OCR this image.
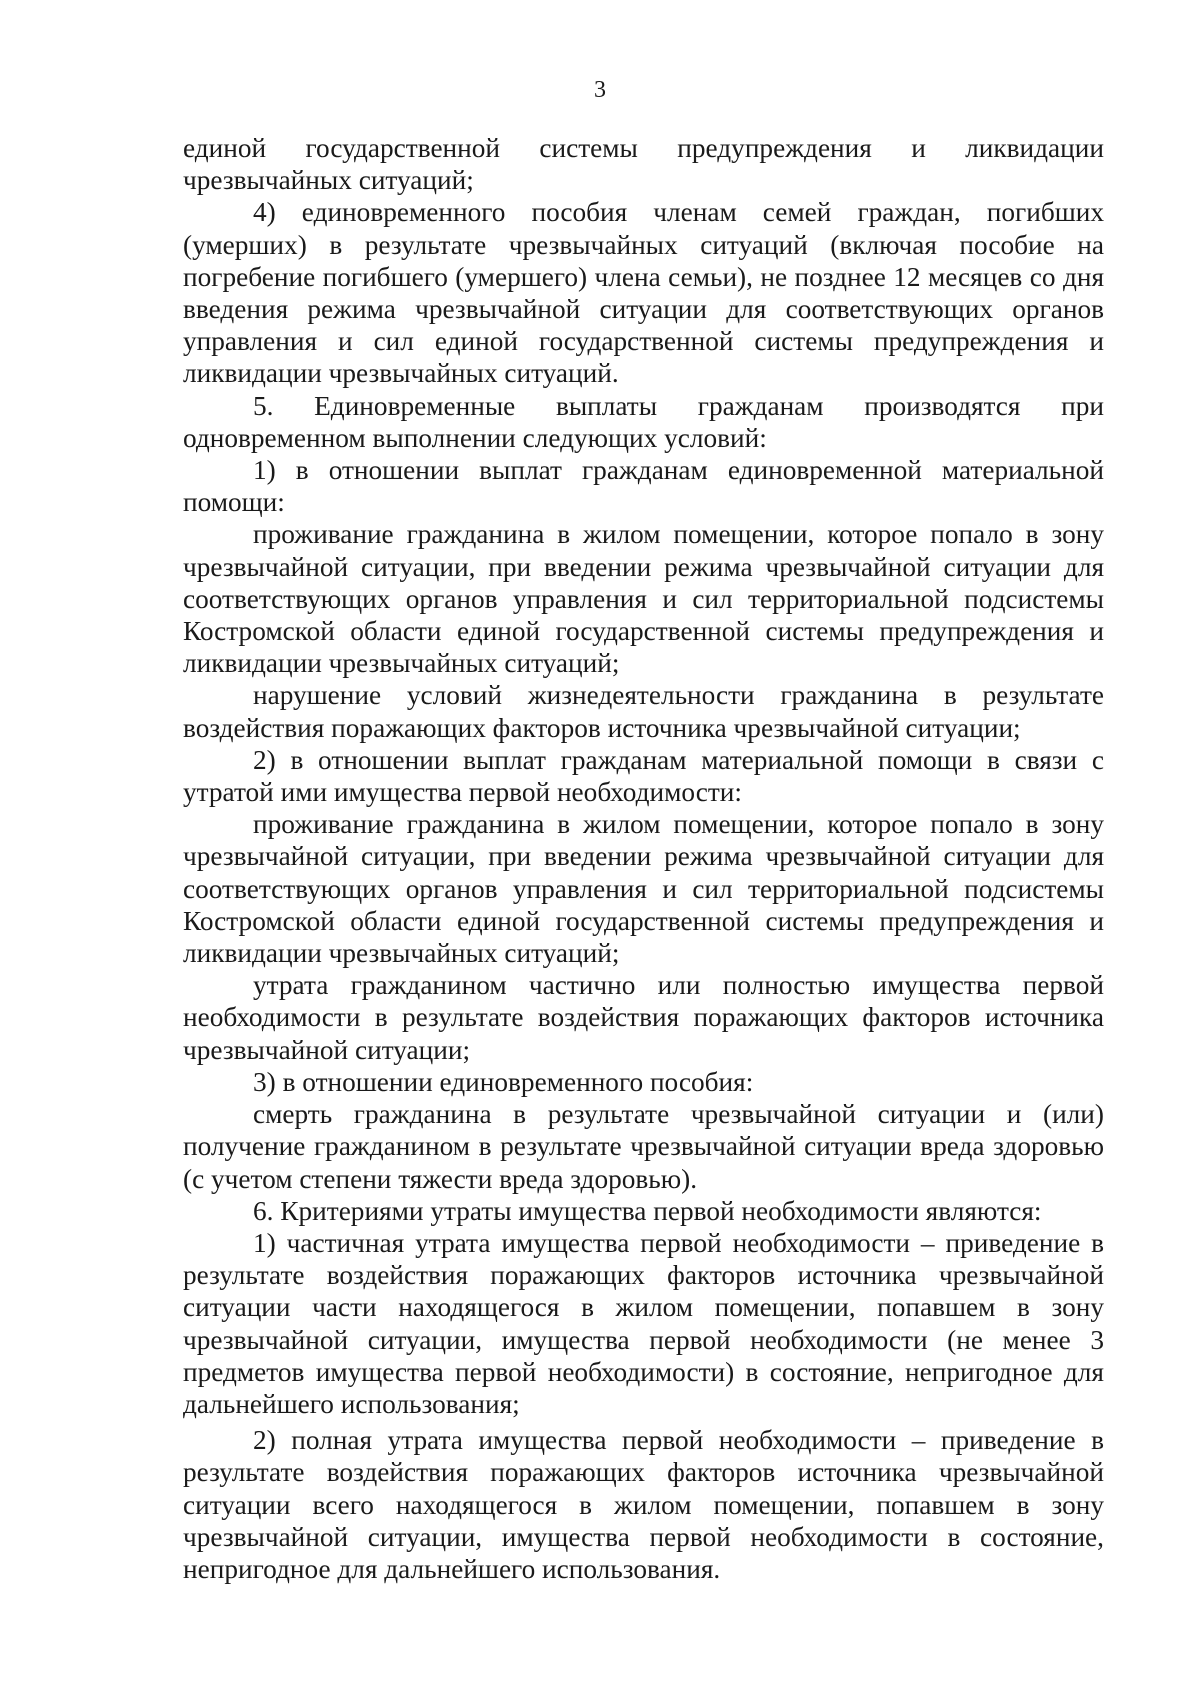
3

единой государственной системы предупреждения и ликвидации чрезвычайных ситуаций;

4) единовременного пособия членам семей граждан, погибших (умерших) в результате чрезвычайных ситуаций (включая пособие на погребение погибшего (умершего) члена семьи), не позднее 12 месяцев со дня введения режима чрезвычайной ситуации для соответствующих органов управления и сил единой государственной системы предупреждения и ликвидации чрезвычайных ситуаций.

5. Единовременные выплаты гражданам производятся при одновременном выполнении следующих условий:

1) в отношении выплат гражданам единовременной материальной помощи:

проживание гражданина в жилом помещении, которое попало в зону чрезвычайной ситуации, при введении режима чрезвычайной ситуации для соответствующих органов управления и сил территориальной подсистемы Костромской области единой государственной системы предупреждения и ликвидации чрезвычайных ситуаций;

нарушение условий жизнедеятельности гражданина в результате воздействия поражающих факторов источника чрезвычайной ситуации;

2) в отношении выплат гражданам материальной помощи в связи с утратой ими имущества первой необходимости:

проживание гражданина в жилом помещении, которое попало в зону чрезвычайной ситуации, при введении режима чрезвычайной ситуации для соответствующих органов управления и сил территориальной подсистемы Костромской области единой государственной системы предупреждения и ликвидации чрезвычайных ситуаций;

утрата гражданином частично или полностью имущества первой необходимости в результате воздействия поражающих факторов источника чрезвычайной ситуации;

3) в отношении единовременного пособия:

смерть гражданина в результате чрезвычайной ситуации и (или) получение гражданином в результате чрезвычайной ситуации вреда здоровью (с учетом степени тяжести вреда здоровью).

6. Критериями утраты имущества первой необходимости являются:

1) частичная утрата имущества первой необходимости – приведение в результате воздействия поражающих факторов источника чрезвычайной ситуации части находящегося в жилом помещении, попавшем в зону чрезвычайной ситуации, имущества первой необходимости (не менее 3 предметов имущества первой необходимости) в состояние, непригодное для дальнейшего использования;

2) полная утрата имущества первой необходимости – приведение в результате воздействия поражающих факторов источника чрезвычайной ситуации всего находящегося в жилом помещении, попавшем в зону чрезвычайной ситуации, имущества первой необходимости в состояние, непригодное для дальнейшего использования.
